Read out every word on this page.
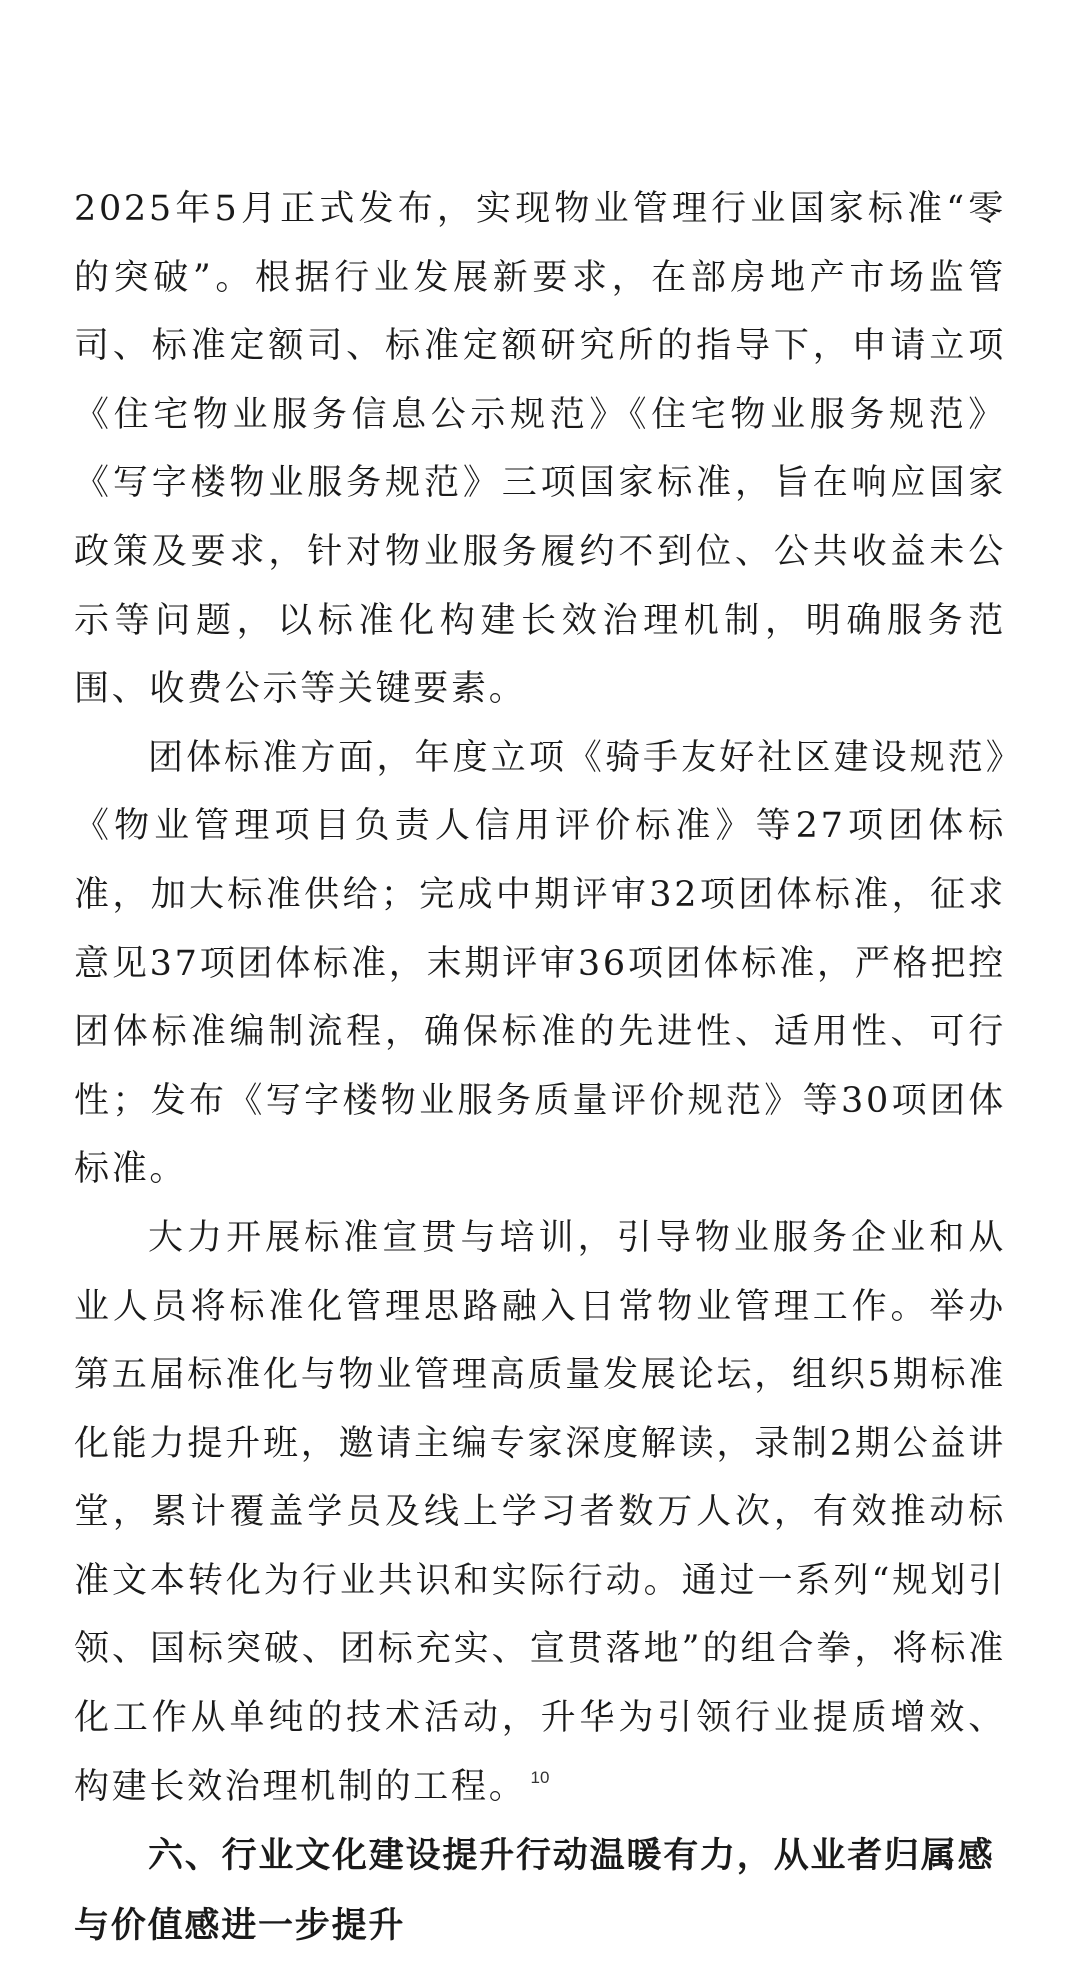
2025年5月正式发布，实现物业管理行业国家标准“零的突破”。根据行业发展新要求，在部房地产市场监管司、标准定额司、标准定额研究所的指导下，申请立项《住宅物业服务信息公示规范》《住宅物业服务规范》《写字楼物业服务规范》三项国家标准，旨在响应国家政策及要求，针对物业服务履约不到位、公共收益未公示等问题，以标准化构建长效治理机制，明确服务范围、收费公示等关键要素。

团体标准方面，年度立项《骑手友好社区建设规范》《物业管理项目负责人信用评价标准》等27项团体标准，加大标准供给；完成中期评审32项团体标准，征求意见37项团体标准，末期评审36项团体标准，严格把控团体标准编制流程，确保标准的先进性、适用性、可行性；发布《写字楼物业服务质量评价规范》等30项团体标准。

大力开展标准宣贯与培训，引导物业服务企业和从业人员将标准化管理思路融入日常物业管理工作。举办第五届标准化与物业管理高质量发展论坛，组织5期标准化能力提升班，邀请主编专家深度解读，录制2期公益讲堂，累计覆盖学员及线上学习者数万人次，有效推动标准文本转化为行业共识和实际行动。通过一系列“规划引领、国标突破、团标充实、宣贯落地”的组合拳，将标准化工作从单纯的技术活动，升华为引领行业提质增效、构建长效治理机制的工程。

六、行业文化建设提升行动温暖有力，从业者归属感与价值感进一步提升
10
